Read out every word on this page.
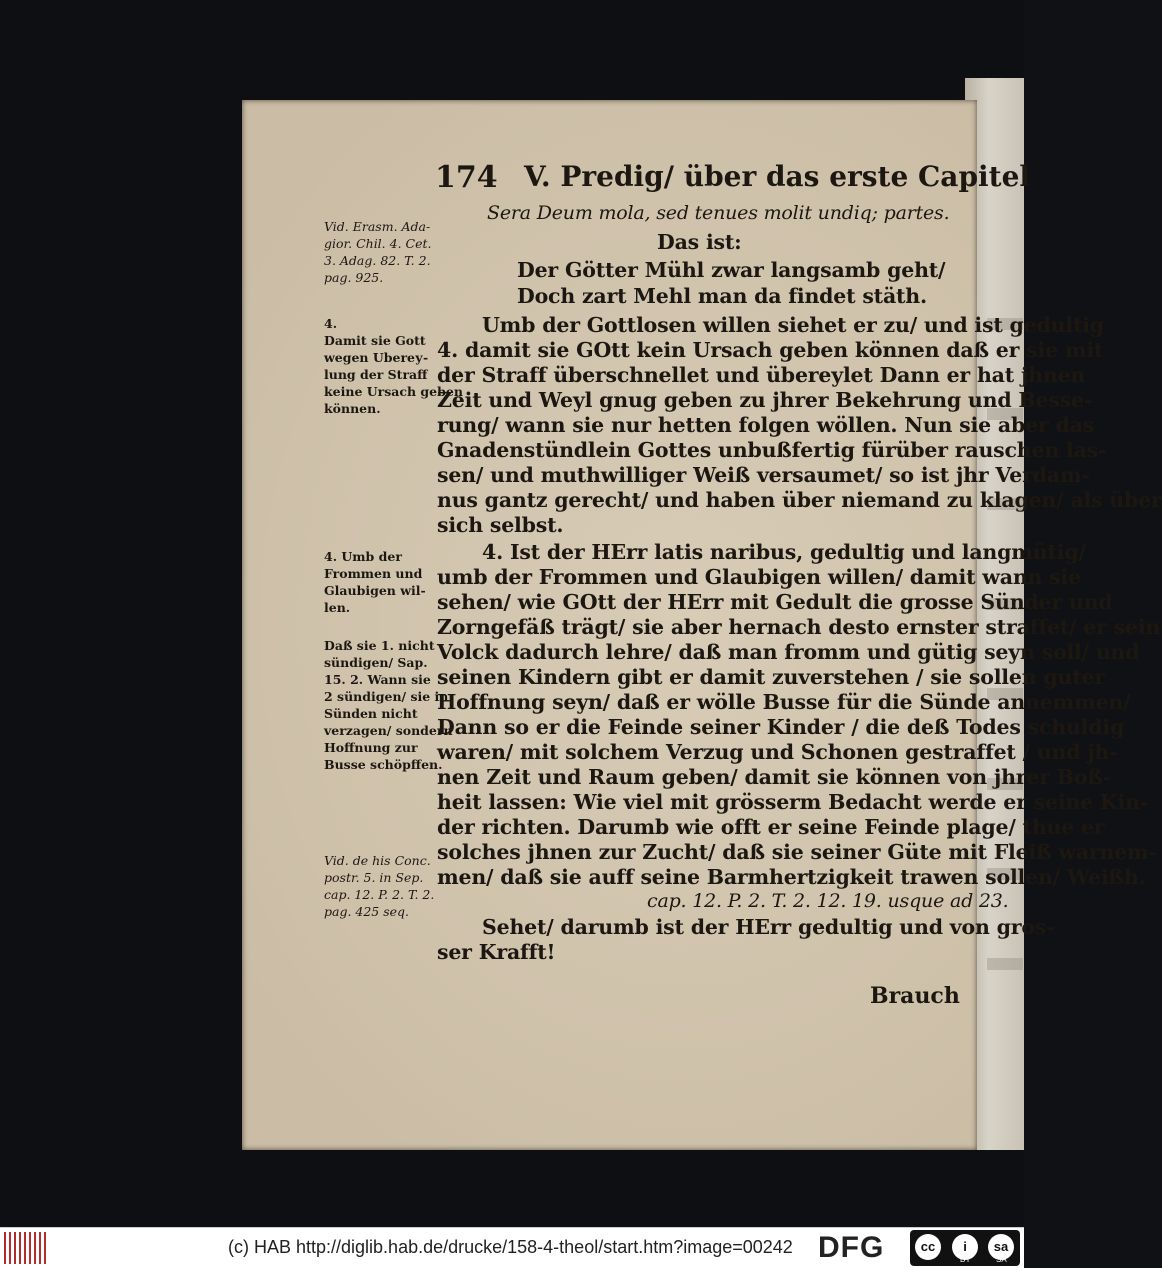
174 V. Predig/ über das erste Capitel
Sera Deum mola, sed tenues molit undiq; partes.
Das ist:
Der Götter Mühl zwar langsamb geht/
Doch zart Mehl man da findet stäth.
Umb der Gottlosen willen siehet er zu/ und ist gedultig
4. damit sie GOtt kein Ursach geben können daß er sie mit
der Straff überschnellet und übereylet Dann er hat jhnen
Zeit und Weyl gnug geben zu jhrer Bekehrung und Besse-
rung/ wann sie nur hetten folgen wöllen. Nun sie aber das
Gnadenstündlein Gottes unbußfertig fürüber rauschen las-
sen/ und muthwilliger Weiß versaumet/ so ist jhr Verdam-
nus gantz gerecht/ und haben über niemand zu klagen/ als über
sich selbst.
4. Ist der HErr latis naribus, gedultig und langmütig/
umb der Frommen und Glaubigen willen/ damit wann sie
sehen/ wie GOtt der HErr mit Gedult die grosse Sünder und
Zorngefäß trägt/ sie aber hernach desto ernster straffet/ er sein
Volck dadurch lehre/ daß man fromm und gütig seyn soll/ und
seinen Kindern gibt er damit zuverstehen / sie sollen guter
Hoffnung seyn/ daß er wölle Busse für die Sünde annemmen/
Dann so er die Feinde seiner Kinder / die deß Todes schuldig
waren/ mit solchem Verzug und Schonen gestraffet / und jh-
nen Zeit und Raum geben/ damit sie können von jhrer Boß-
heit lassen: Wie viel mit grösserm Bedacht werde er seine Kin-
der richten. Darumb wie offt er seine Feinde plage/ thue er
solches jhnen zur Zucht/ daß sie seiner Güte mit Fleiß warnem-
men/ daß sie auff seine Barmhertzigkeit trawen sollen/ Weißh.
cap. 12. P. 2. T. 2. 12. 19. usque ad 23.
Sehet/ darumb ist der HErr gedultig und von gros-
ser Krafft!
Vid. Erasm. Ada-
gior. Chil. 4. Cet.
3. Adag. 82. T. 2.
pag. 925.
4.
Damit sie Gott
wegen Ubereу-
lung der Straff
keine Ursach geben
können.
4. Umb der
Frommen und
Glaubigen wil-
len.
Daß sie 1. nicht
sündigen/ Sap.
15. 2. Wann sie
2 sündigen/ sie in
Sünden nicht
verzagen/ sondern
Hoffnung zur
Busse schöpffen.
Vid. de his Conc.
postr. 5. in Sep.
cap. 12. P. 2. T. 2.
pag. 425 seq.
Brauch
(c) HAB http://diglib.hab.de/drucke/158-4-theol/start.htm?image=00242 DFG	cc	i	sa
BY	SA
